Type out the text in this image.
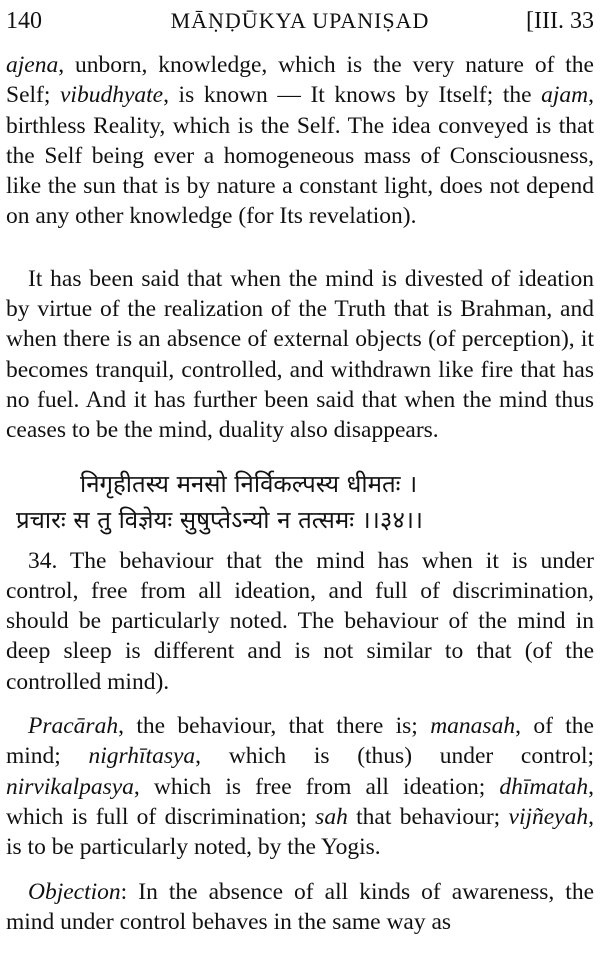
140	MĀṆḌŪKYA UPANIṢAD	[III. 33

ajena, unborn, knowledge, which is the very nature of the Self; vibudhyate, is known — It knows by Itself; the ajam, birthless Reality, which is the Self. The idea conveyed is that the Self being ever a homogeneous mass of Consciousness, like the sun that is by nature a constant light, does not depend on any other knowledge (for Its revelation).

It has been said that when the mind is divested of ideation by virtue of the realization of the Truth that is Brahman, and when there is an absence of external objects (of perception), it becomes tranquil, controlled, and withdrawn like fire that has no fuel. And it has further been said that when the mind thus ceases to be the mind, duality also disappears.

निगृहीतस्य मनसो निर्विकल्पस्य धीमतः ।
प्रचारः स तु विज्ञेयः सुषुप्तेऽन्यो न तत्समः ।।३४।।

34. The behaviour that the mind has when it is under control, free from all ideation, and full of discrimination, should be particularly noted. The behaviour of the mind in deep sleep is different and is not similar to that (of the controlled mind).

Pracārah, the behaviour, that there is; manasah, of the mind; nigrhītasya, which is (thus) under control; nirvikalpasya, which is free from all ideation; dhīmatah, which is full of discrimination; sah that behaviour; vijñeyah, is to be particularly noted, by the Yogis.

Objection: In the absence of all kinds of awareness, the mind under control behaves in the same way as
